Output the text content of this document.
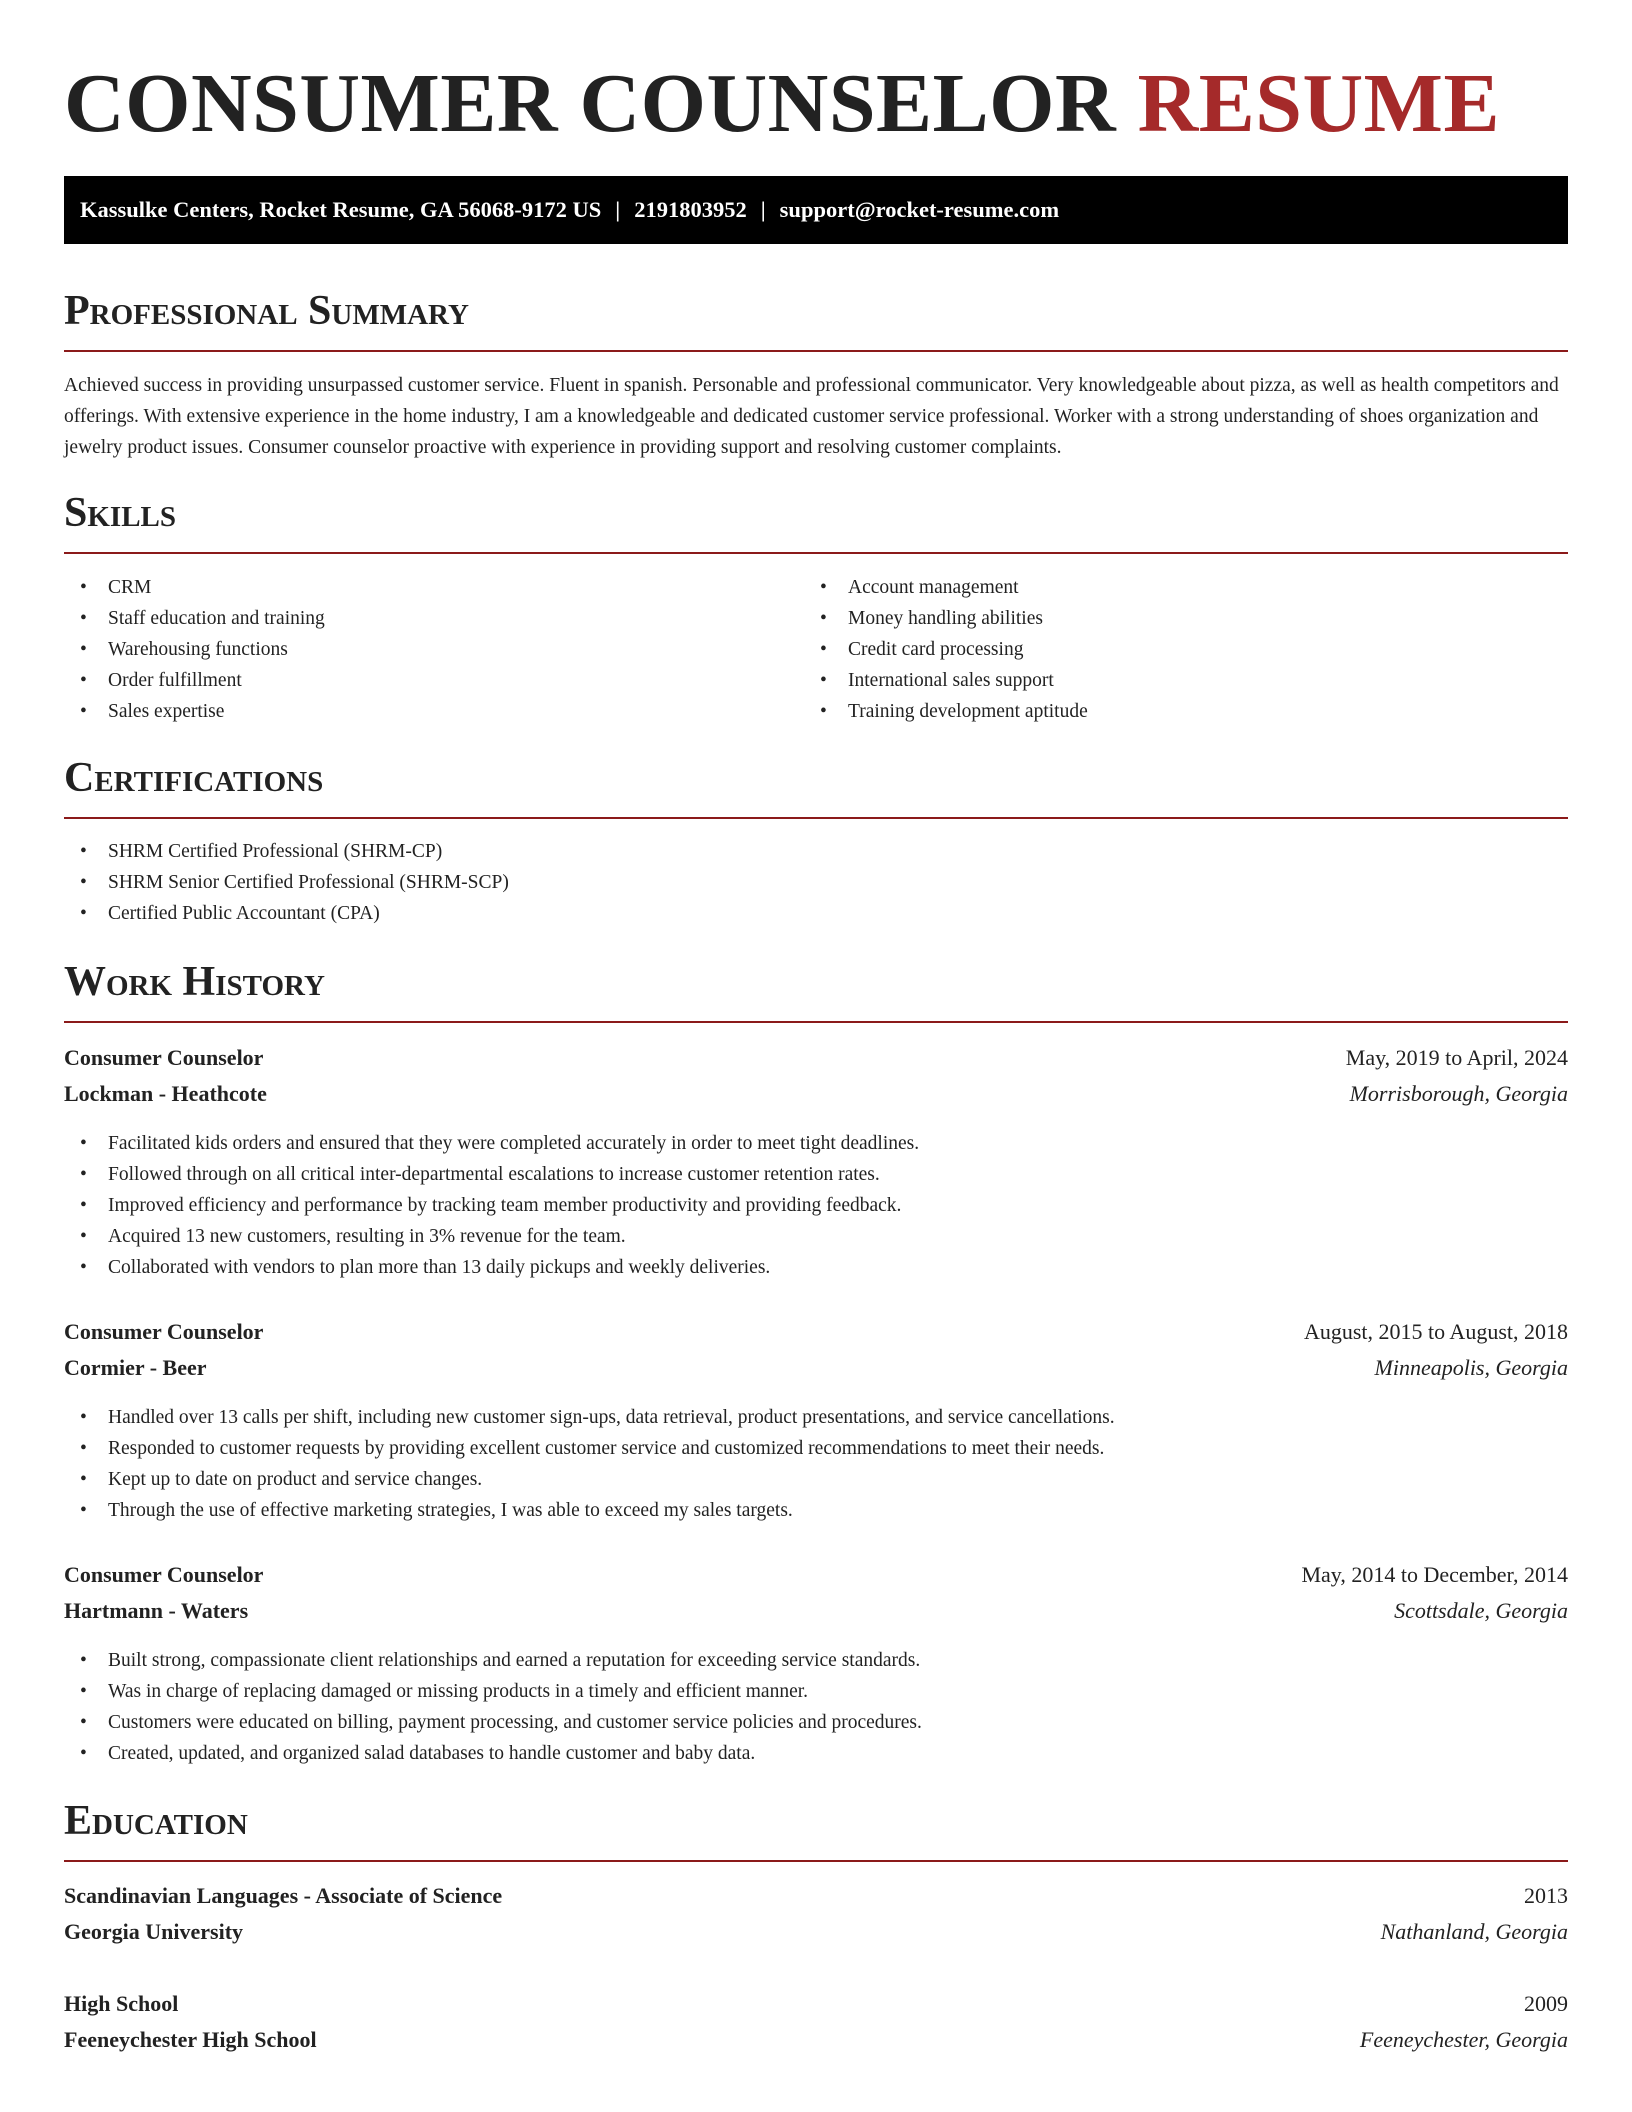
CONSUMER COUNSELOR RESUME
Kassulke Centers, Rocket Resume, GA 56068-9172 US | 2191803952 | support@rocket-resume.com
Professional Summary

Achieved success in providing unsurpassed customer service. Fluent in spanish. Personable and professional communicator. Very knowledgeable about pizza, as well as health competitors and offerings. With extensive experience in the home industry, I am a knowledgeable and dedicated customer service professional. Worker with a strong understanding of shoes organization and jewelry product issues. Consumer counselor proactive with experience in providing support and resolving customer complaints.

Skills
• CRM
• Staff education and training
• Warehousing functions
• Order fulfillment
• Sales expertise
• Account management
• Money handling abilities
• Credit card processing
• International sales support
• Training development aptitude
Certifications
• SHRM Certified Professional (SHRM-CP)
• SHRM Senior Certified Professional (SHRM-SCP)
• Certified Public Accountant (CPA)
Work History
Consumer Counselor	May, 2019 to April, 2024
Lockman - Heathcote	Morrisborough, Georgia
• Facilitated kids orders and ensured that they were completed accurately in order to meet tight deadlines.
• Followed through on all critical inter-departmental escalations to increase customer retention rates.
• Improved efficiency and performance by tracking team member productivity and providing feedback.
• Acquired 13 new customers, resulting in 3% revenue for the team.
• Collaborated with vendors to plan more than 13 daily pickups and weekly deliveries.
Consumer Counselor	August, 2015 to August, 2018
Cormier - Beer	Minneapolis, Georgia
• Handled over 13 calls per shift, including new customer sign-ups, data retrieval, product presentations, and service cancellations.
• Responded to customer requests by providing excellent customer service and customized recommendations to meet their needs.
• Kept up to date on product and service changes.
• Through the use of effective marketing strategies, I was able to exceed my sales targets.
Consumer Counselor	May, 2014 to December, 2014
Hartmann - Waters	Scottsdale, Georgia
• Built strong, compassionate client relationships and earned a reputation for exceeding service standards.
• Was in charge of replacing damaged or missing products in a timely and efficient manner.
• Customers were educated on billing, payment processing, and customer service policies and procedures.
• Created, updated, and organized salad databases to handle customer and baby data.
Education
Scandinavian Languages - Associate of Science	2013
Georgia University	Nathanland, Georgia
High School	2009
Feeneychester High School	Feeneychester, Georgia
